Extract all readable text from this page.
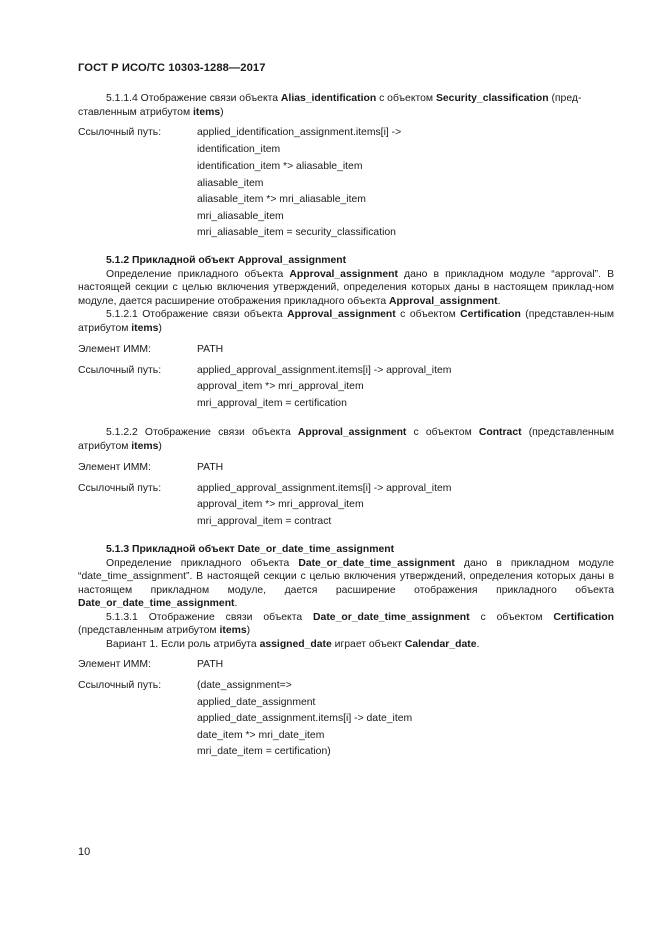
ГОСТ Р ИСО/ТС 10303-1288—2017

5.1.1.4 Отображение связи объекта Alias_identification с объектом Security_classification (пред-

ставленным атрибутом items)

Ссылочный путь:	applied_identification_assignment.items[i] ->
identification_item
identification_item *> aliasable_item
aliasable_item
aliasable_item *> mri_aliasable_item
mri_aliasable_item
mri_aliasable_item = security_classification

5.1.2 Прикладной объект Approval_assignment

Определение прикладного объекта Approval_assignment дано в прикладном модуле “approval”. В настоящей секции с целью включения утверждений, определения которых даны в настоящем приклад-ном модуле, дается расширение отображения прикладного объекта Approval_assignment.

5.1.2.1 Отображение связи объекта Approval_assignment с объектом Certification (представлен-ным атрибутом items)

Элемент ИММ:	PATH
Ссылочный путь:	applied_approval_assignment.items[i] -> approval_item
approval_item *> mri_approval_item
mri_approval_item = certification

5.1.2.2 Отображение связи объекта Approval_assignment с объектом Contract (представленным атрибутом items)

Элемент ИММ:	PATH
Ссылочный путь:	applied_approval_assignment.items[i] -> approval_item
approval_item *> mri_approval_item
mri_approval_item = contract

5.1.3 Прикладной объект Date_or_date_time_assignment

Определение прикладного объекта Date_or_date_time_assignment дано в прикладном модуле “date_time_assignment”. В настоящей секции с целью включения утверждений, определения которых даны в настоящем прикладном модуле, дается расширение отображения прикладного объекта Date_or_date_time_assignment.

5.1.3.1 Отображение связи объекта Date_or_date_time_assignment с объектом Certification (представленным атрибутом items)

Вариант 1. Если роль атрибута assigned_date играет объект Calendar_date.

Элемент ИММ:	PATH
Ссылочный путь:	(date_assignment=>
applied_date_assignment
applied_date_assignment.items[i] -> date_item
date_item *> mri_date_item
mri_date_item = certification)
10
